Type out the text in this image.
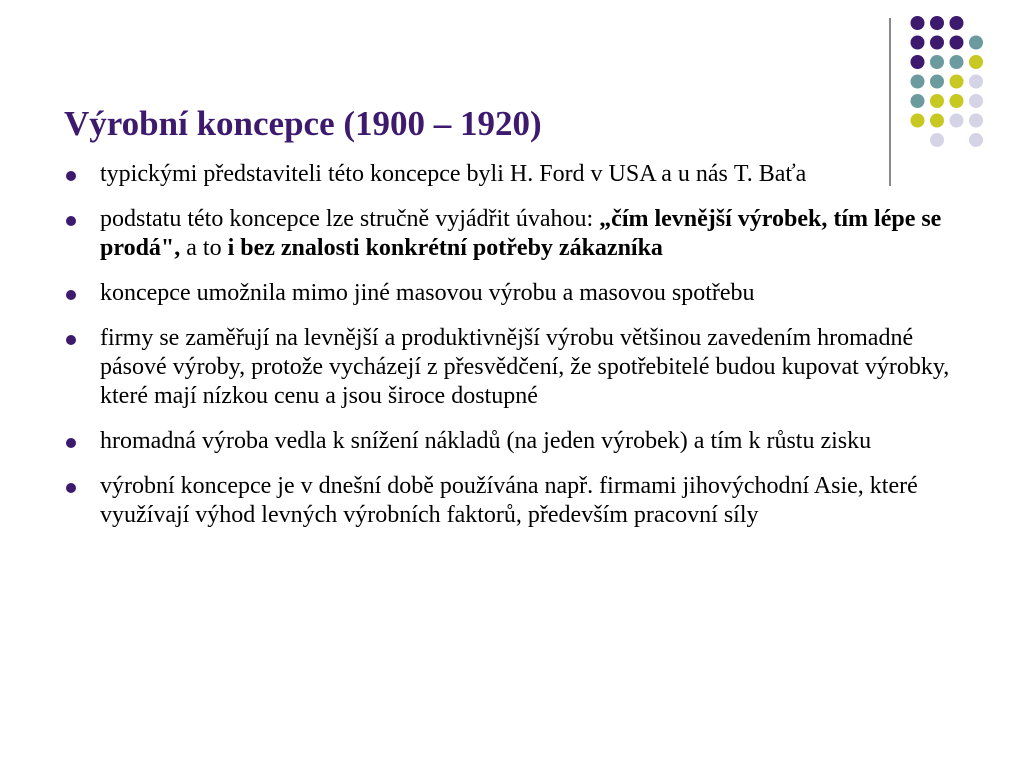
Výrobní koncepce (1900 – 1920)
typickými představiteli této koncepce byli H. Ford v USA a u nás T. Baťa
podstatu této koncepce lze stručně vyjádřit úvahou: „čím levnější výrobek, tím lépe se prodá", a to i bez znalosti konkrétní potřeby zákazníka
koncepce umožnila mimo jiné masovou výrobu a masovou spotřebu
firmy se zaměřují na levnější a produktivnější výrobu většinou zavedením hromadné pásové výroby, protože vycházejí z přesvědčení, že spotřebitelé budou kupovat výrobky, které mají nízkou cenu a jsou široce dostupné
hromadná výroba vedla k snížení nákladů (na jeden výrobek) a tím k růstu zisku
výrobní koncepce je v dnešní době používána např. firmami jihovýchodní Asie, které využívají výhod levných výrobních faktorů, především pracovní síly
